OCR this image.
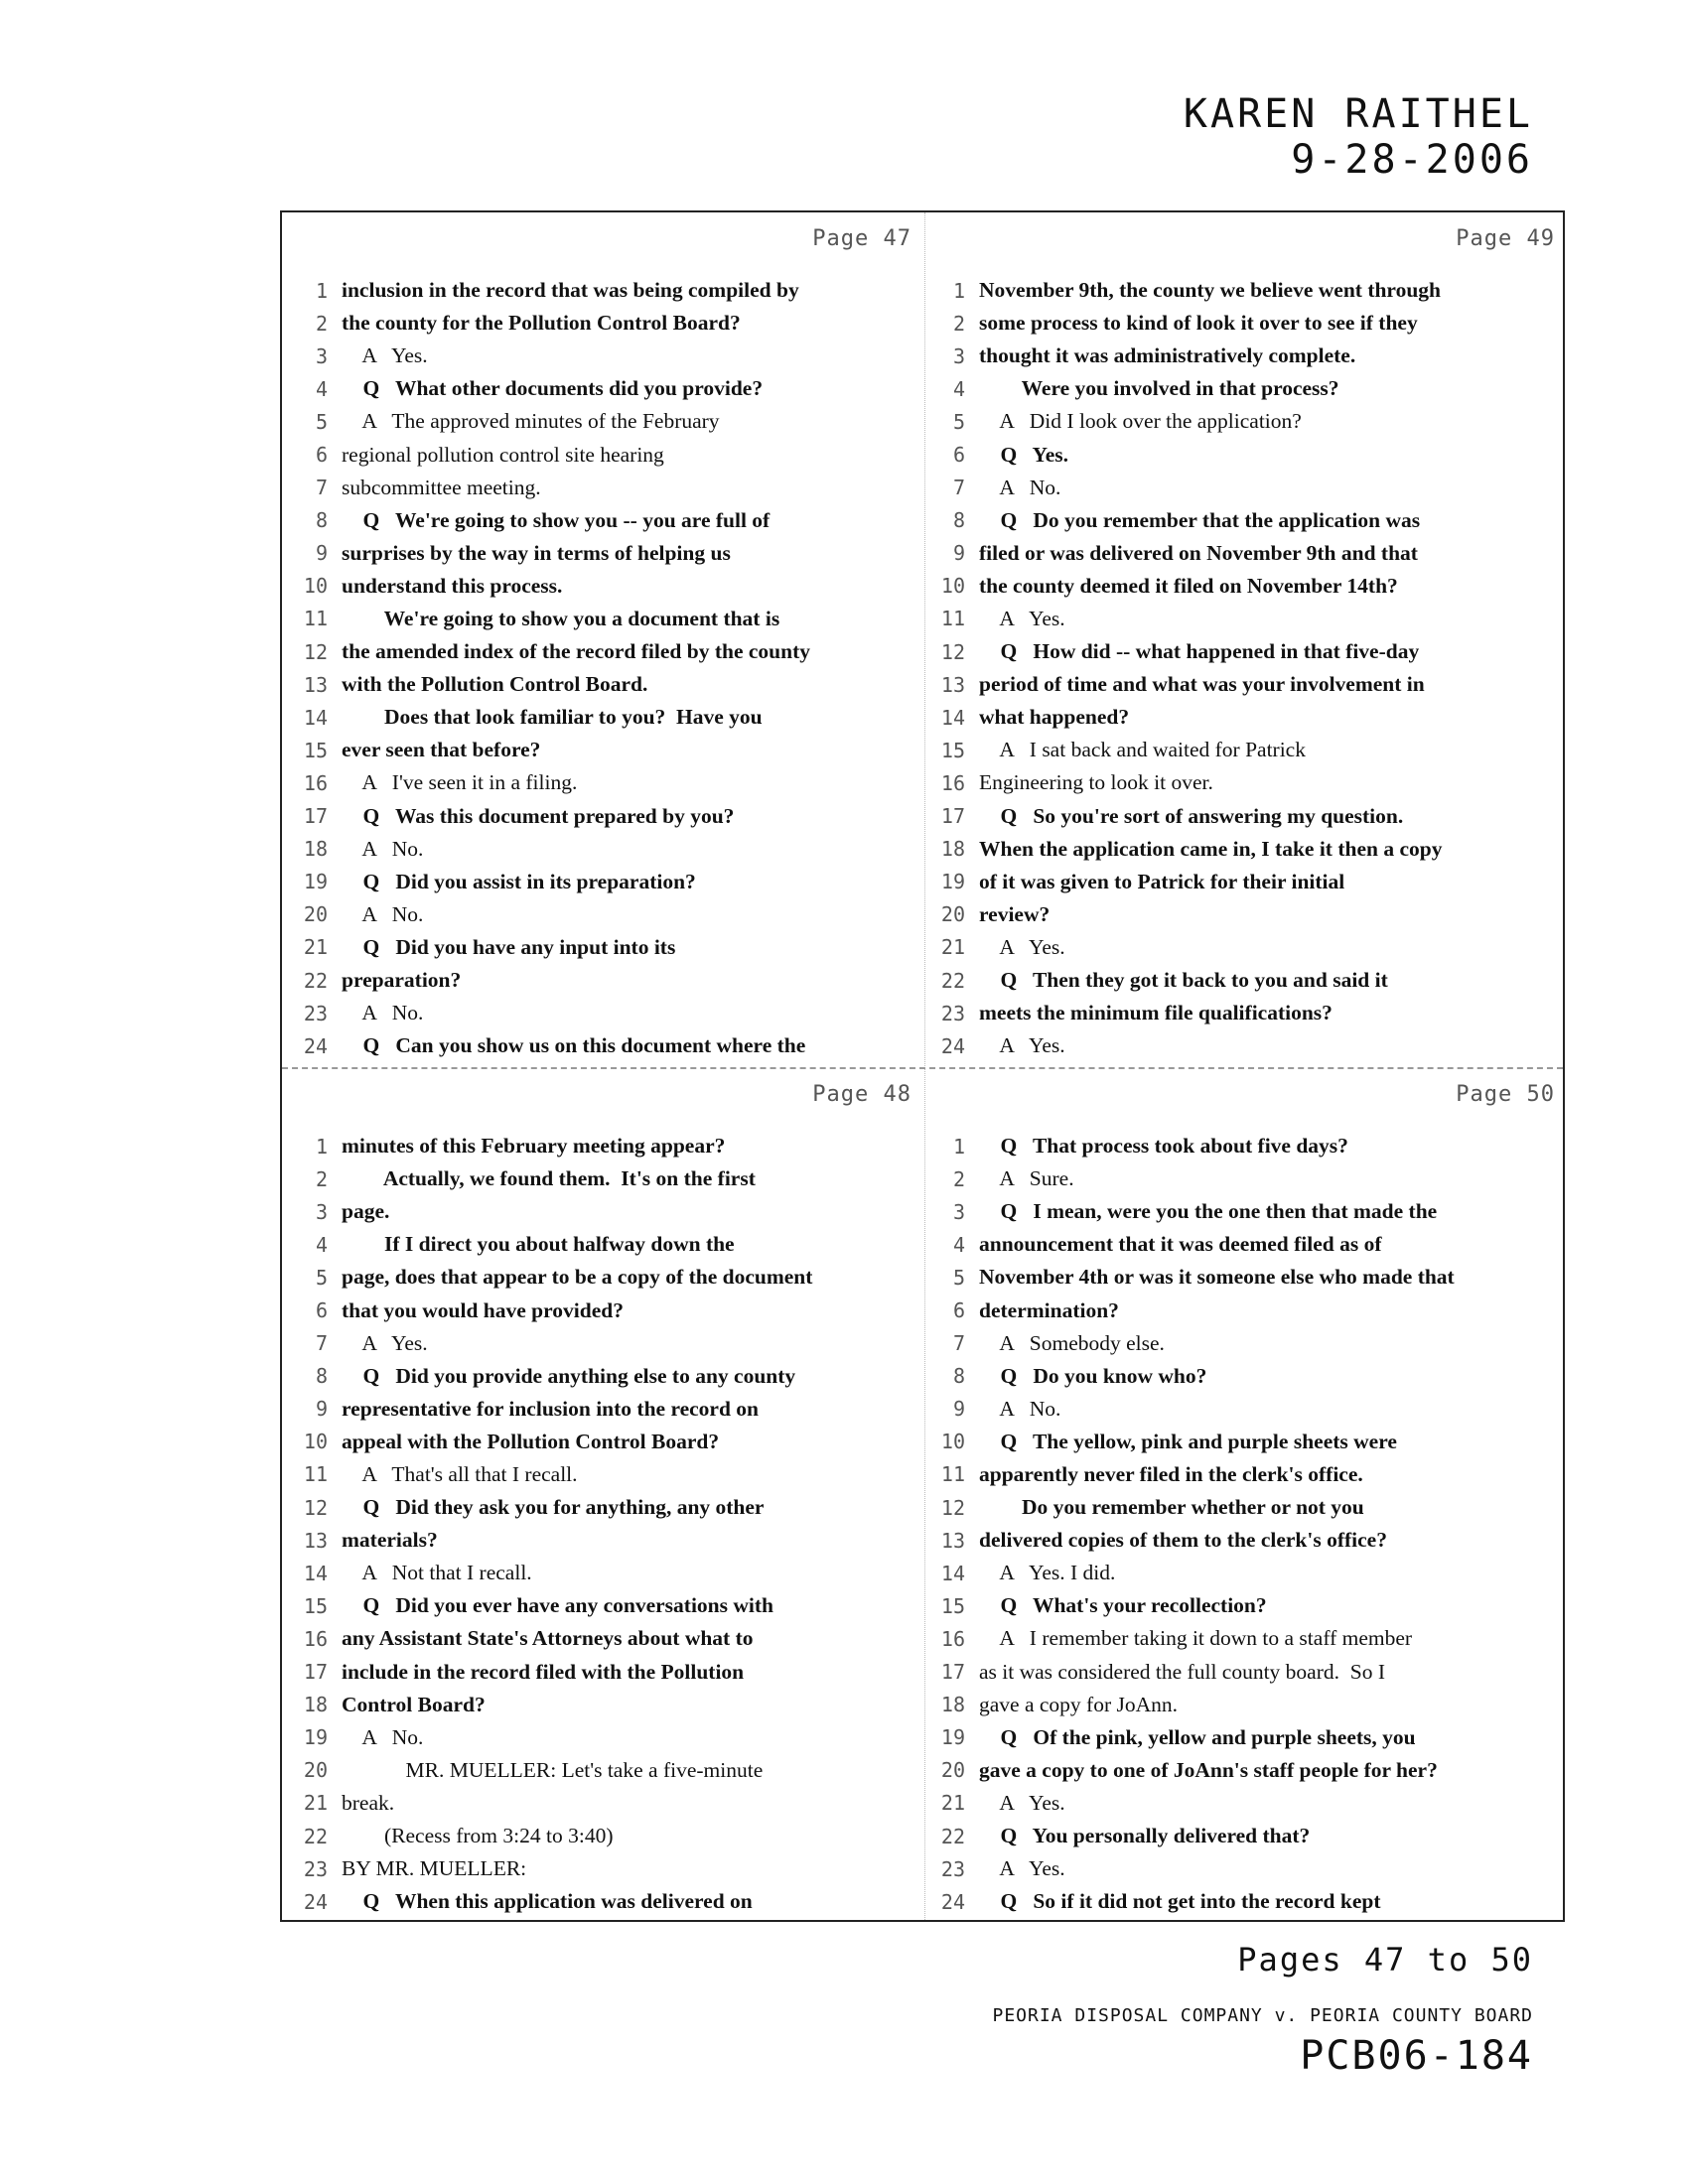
KAREN RAITHEL
9-28-2006
Page 47
1 inclusion in the record that was being compiled by
2 the county for the Pollution Control Board?
3 A   Yes.
4 Q   What other documents did you provide?
5 A   The approved minutes of the February
6 regional pollution control site hearing
7 subcommittee meeting.
8 Q   We're going to show you -- you are full of
9 surprises by the way in terms of helping us
10 understand this process.
11 We're going to show you a document that is
12 the amended index of the record filed by the county
13 with the Pollution Control Board.
14 Does that look familiar to you?  Have you
15 ever seen that before?
16 A   I've seen it in a filing.
17 Q   Was this document prepared by you?
18 A   No.
19 Q   Did you assist in its preparation?
20 A   No.
21 Q   Did you have any input into its
22 preparation?
23 A   No.
24 Q   Can you show us on this document where the
Page 49
1 November 9th, the county we believe went through
2 some process to kind of look it over to see if they
3 thought it was administratively complete.
4 Were you involved in that process?
5 A   Did I look over the application?
6 Q   Yes.
7 A   No.
8 Q   Do you remember that the application was
9 filed or was delivered on November 9th and that
10 the county deemed it filed on November 14th?
11 A   Yes.
12 Q   How did -- what happened in that five-day
13 period of time and what was your involvement in
14 what happened?
15 A   I sat back and waited for Patrick
16 Engineering to look it over.
17 Q   So you're sort of answering my question.
18 When the application came in, I take it then a copy
19 of it was given to Patrick for their initial
20 review?
21 A   Yes.
22 Q   Then they got it back to you and said it
23 meets the minimum file qualifications?
24 A   Yes.
Page 48
1 minutes of this February meeting appear?
2 Actually, we found them.  It's on the first
3 page.
4 If I direct you about halfway down the
5 page, does that appear to be a copy of the document
6 that you would have provided?
7 A   Yes.
8 Q   Did you provide anything else to any county
9 representative for inclusion into the record on
10 appeal with the Pollution Control Board?
11 A   That's all that I recall.
12 Q   Did they ask you for anything, any other
13 materials?
14 A   Not that I recall.
15 Q   Did you ever have any conversations with
16 any Assistant State's Attorneys about what to
17 include in the record filed with the Pollution
18 Control Board?
19 A   No.
20 MR. MUELLER: Let's take a five-minute
21 break.
22 (Recess from 3:24 to 3:40)
23 BY MR. MUELLER:
24 Q   When this application was delivered on
Page 50
1 Q   That process took about five days?
2 A   Sure.
3 Q   I mean, were you the one then that made the
4 announcement that it was deemed filed as of
5 November 4th or was it someone else who made that
6 determination?
7 A   Somebody else.
8 Q   Do you know who?
9 A   No.
10 Q   The yellow, pink and purple sheets were
11 apparently never filed in the clerk's office.
12 Do you remember whether or not you
13 delivered copies of them to the clerk's office?
14 A   Yes. I did.
15 Q   What's your recollection?
16 A   I remember taking it down to a staff member
17 as it was considered the full county board.  So I
18 gave a copy for JoAnn.
19 Q   Of the pink, yellow and purple sheets, you
20 gave a copy to one of JoAnn's staff people for her?
21 A   Yes.
22 Q   You personally delivered that?
23 A   Yes.
24 Q   So if it did not get into the record kept
Pages 47 to 50
PEORIA DISPOSAL COMPANY v. PEORIA COUNTY BOARD
PCB06-184
